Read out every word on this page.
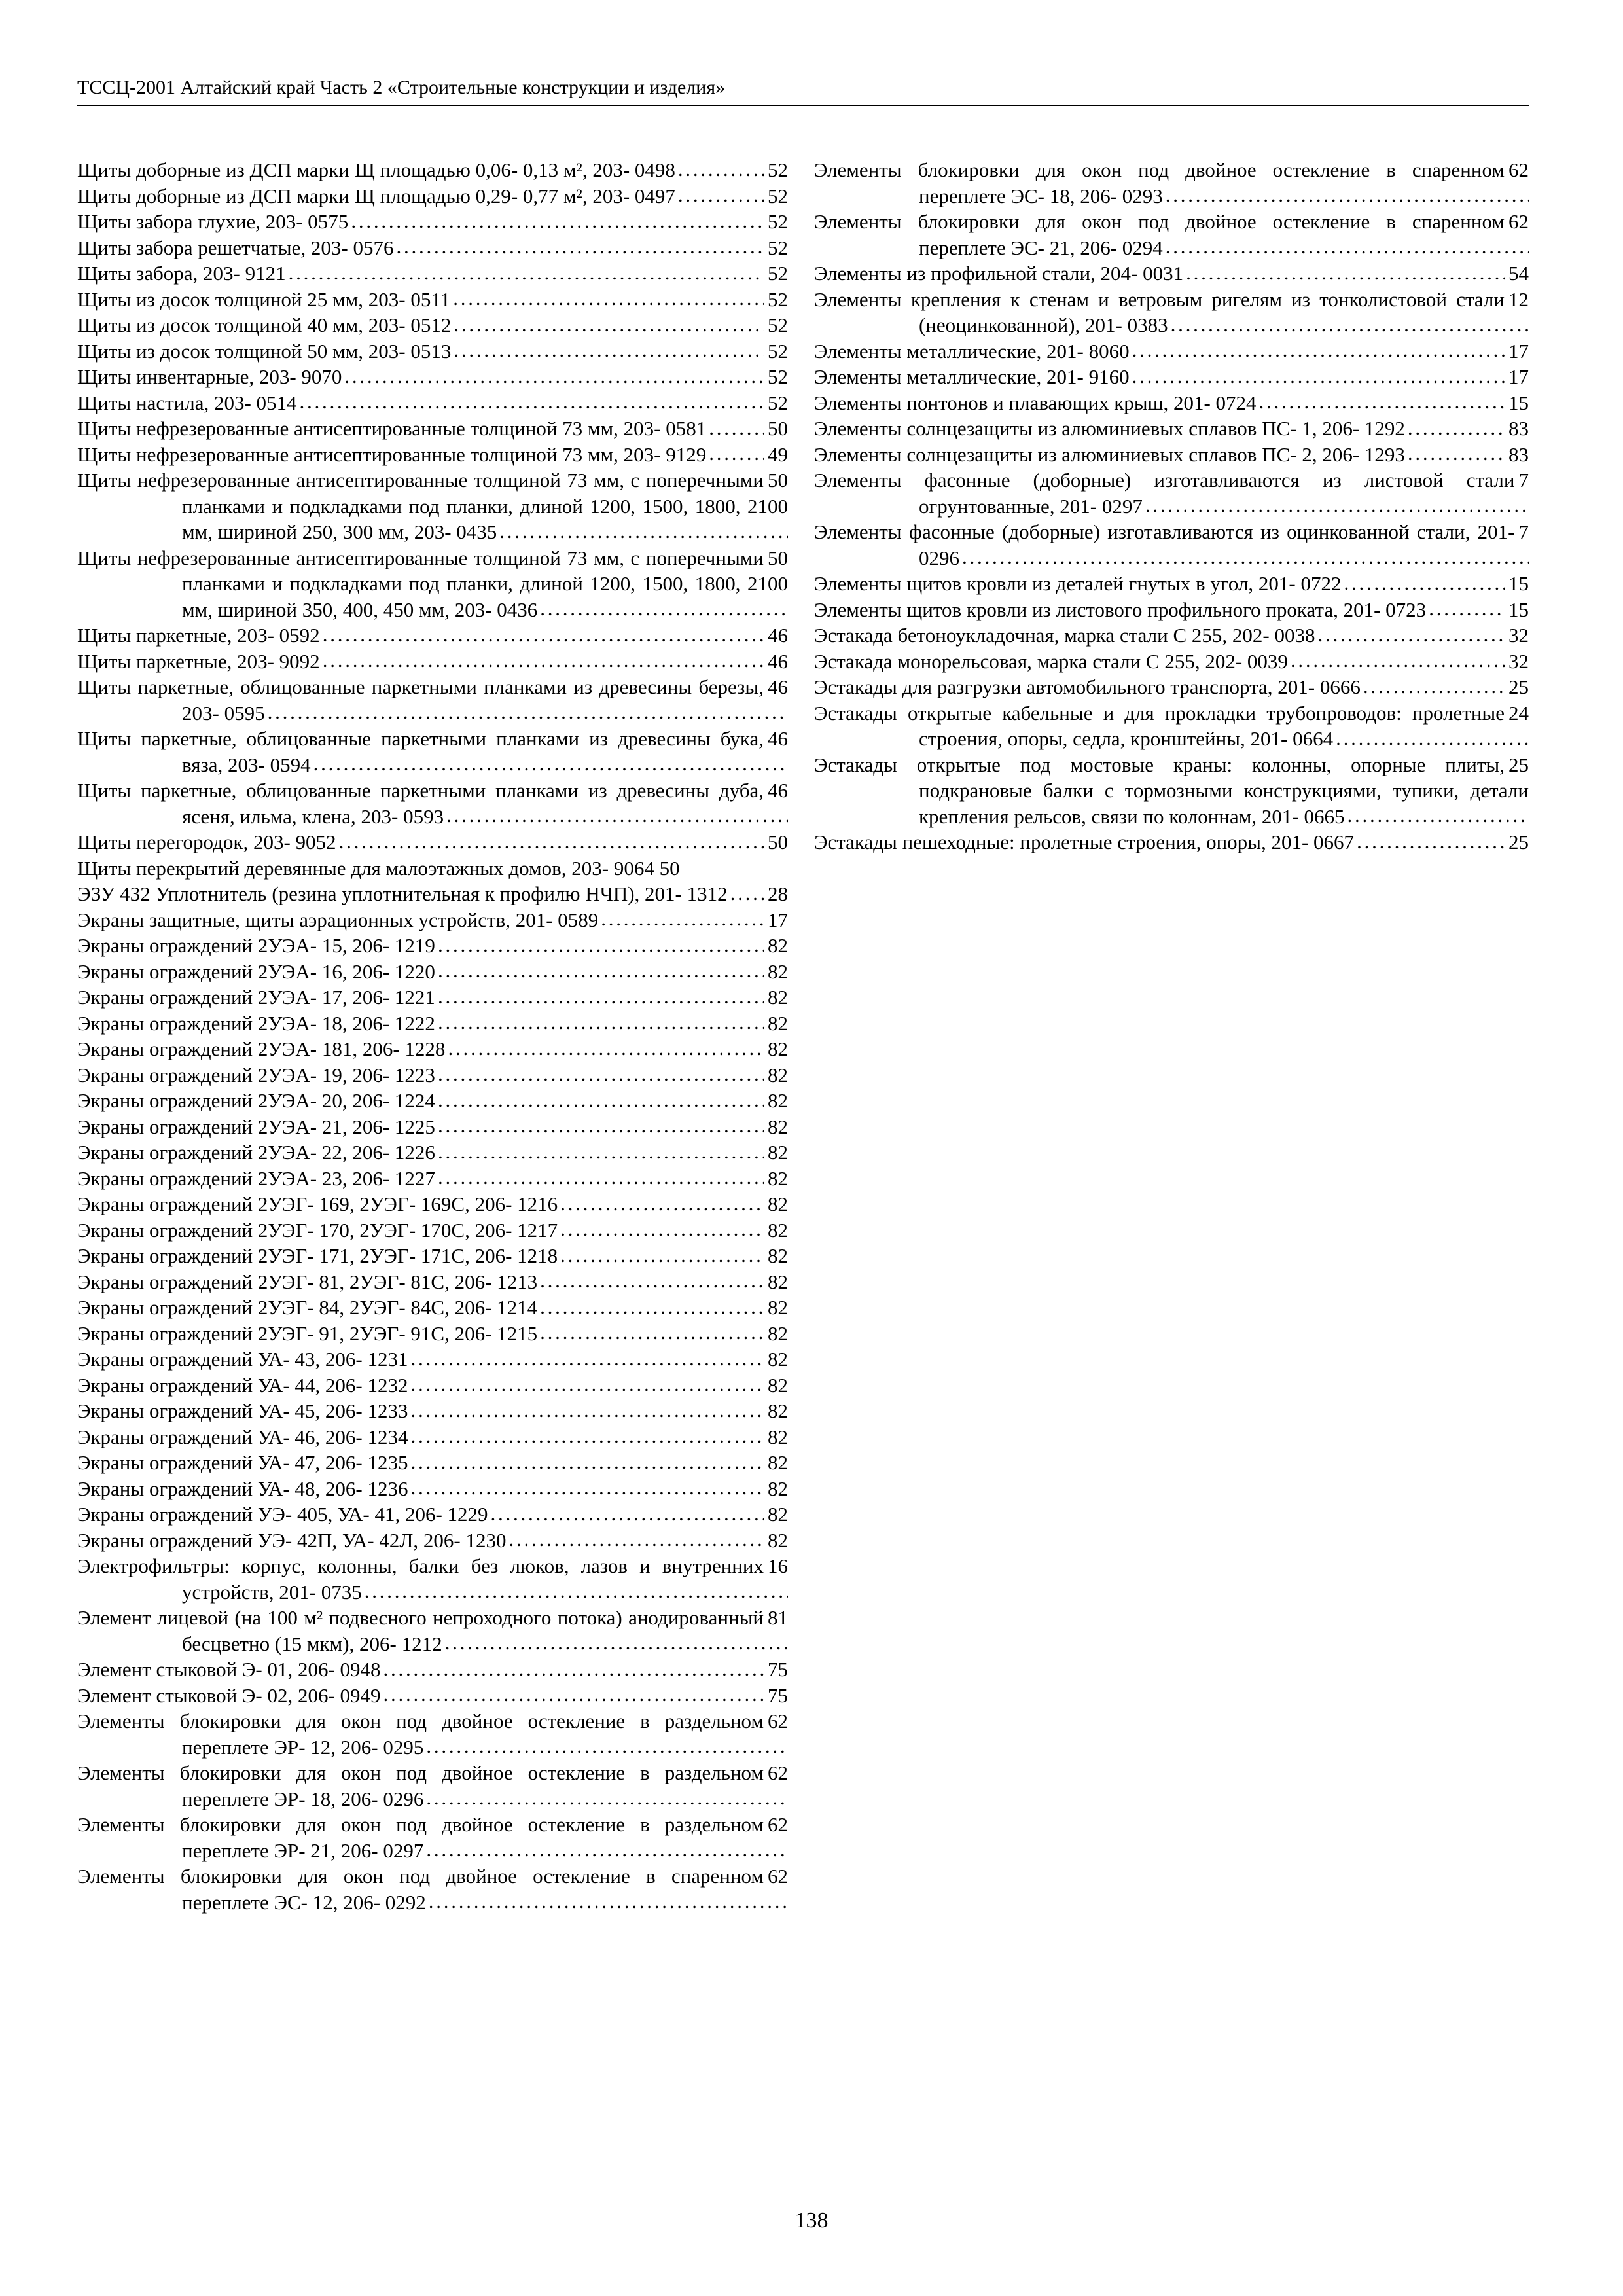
ТССЦ-2001 Алтайский край Часть 2 «Строительные конструкции и изделия»
52
Щиты доборные из ДСП марки Щ площадью 0,06- 0,13 м², 203- 0498
52
Щиты доборные из ДСП марки Щ площадью 0,29- 0,77 м², 203- 0497
52
Щиты забора глухие, 203- 0575
52
Щиты забора решетчатые, 203- 0576
52
Щиты забора, 203- 9121
52
Щиты из досок толщиной 25 мм, 203- 0511
52
Щиты из досок толщиной 40 мм, 203- 0512
52
Щиты из досок толщиной 50 мм, 203- 0513
52
Щиты инвентарные, 203- 9070
52
Щиты настила, 203- 0514
50
Щиты нефрезерованные антисептированные толщиной 73 мм, 203- 0581
49
Щиты нефрезерованные антисептированные толщиной 73 мм, 203- 9129
50
Щиты нефрезерованные антисептированные толщиной 73 мм, с поперечными планками и подкладками под планки, длиной 1200, 1500, 1800, 2100 мм, шириной 250, 300 мм, 203- 0435
50
Щиты нефрезерованные антисептированные толщиной 73 мм, с поперечными планками и подкладками под планки, длиной 1200, 1500, 1800, 2100 мм, шириной 350, 400, 450 мм, 203- 0436
46
Щиты паркетные, 203- 0592
46
Щиты паркетные, 203- 9092
46
Щиты паркетные, облицованные паркетными планками из древесины березы, 203- 0595
46
Щиты паркетные, облицованные паркетными планками из древесины бука, вяза, 203- 0594
46
Щиты паркетные, облицованные паркетными планками из древесины дуба, ясеня, ильма, клена, 203- 0593
50
Щиты перегородок, 203- 9052
Щиты перекрытий деревянные для малоэтажных домов, 203- 9064 50
28
ЭЗУ 432 Уплотнитель (резина уплотнительная к профилю НЧП), 201- 1312
17
Экраны защитные, щиты аэрационных устройств, 201- 0589
82
Экраны ограждений 2УЭА- 15, 206- 1219
82
Экраны ограждений 2УЭА- 16, 206- 1220
82
Экраны ограждений 2УЭА- 17, 206- 1221
82
Экраны ограждений 2УЭА- 18, 206- 1222
82
Экраны ограждений 2УЭА- 181, 206- 1228
82
Экраны ограждений 2УЭА- 19, 206- 1223
82
Экраны ограждений 2УЭА- 20, 206- 1224
82
Экраны ограждений 2УЭА- 21, 206- 1225
82
Экраны ограждений 2УЭА- 22, 206- 1226
82
Экраны ограждений 2УЭА- 23, 206- 1227
82
Экраны ограждений 2УЭГ- 169, 2УЭГ- 169С, 206- 1216
82
Экраны ограждений 2УЭГ- 170, 2УЭГ- 170С, 206- 1217
82
Экраны ограждений 2УЭГ- 171, 2УЭГ- 171С, 206- 1218
82
Экраны ограждений 2УЭГ- 81, 2УЭГ- 81С, 206- 1213
82
Экраны ограждений 2УЭГ- 84, 2УЭГ- 84С, 206- 1214
82
Экраны ограждений 2УЭГ- 91, 2УЭГ- 91С, 206- 1215
82
Экраны ограждений УА- 43, 206- 1231
82
Экраны ограждений УА- 44, 206- 1232
82
Экраны ограждений УА- 45, 206- 1233
82
Экраны ограждений УА- 46, 206- 1234
82
Экраны ограждений УА- 47, 206- 1235
82
Экраны ограждений УА- 48, 206- 1236
82
Экраны ограждений УЭ- 405, УА- 41, 206- 1229
82
Экраны ограждений УЭ- 42П, УА- 42Л, 206- 1230
16
Электрофильтры: корпус, колонны, балки без люков, лазов и внутренних устройств, 201- 0735
81
Элемент лицевой (на 100 м² подвесного непроходного потока) анодированный бесцветно (15 мкм), 206- 1212
75
Элемент стыковой Э- 01, 206- 0948
75
Элемент стыковой Э- 02, 206- 0949
62
Элементы блокировки для окон под двойное остекление в раздельном переплете ЭР- 12, 206- 0295
62
Элементы блокировки для окон под двойное остекление в раздельном переплете ЭР- 18, 206- 0296
62
Элементы блокировки для окон под двойное остекление в раздельном переплете ЭР- 21, 206- 0297
62
Элементы блокировки для окон под двойное остекление в спаренном переплете ЭС- 12, 206- 0292
62
Элементы блокировки для окон под двойное остекление в спаренном переплете ЭС- 18, 206- 0293
62
Элементы блокировки для окон под двойное остекление в спаренном переплете ЭС- 21, 206- 0294
54
Элементы из профильной стали, 204- 0031
12
Элементы крепления к стенам и ветровым ригелям из тонколистовой стали (неоцинкованной), 201- 0383
17
Элементы металлические, 201- 8060
17
Элементы металлические, 201- 9160
15
Элементы понтонов и плавающих крыш, 201- 0724
83
Элементы солнцезащиты из алюминиевых сплавов ПС- 1, 206- 1292
83
Элементы солнцезащиты из алюминиевых сплавов ПС- 2, 206- 1293
7
Элементы фасонные (доборные) изготавливаются из листовой стали огрунтованные, 201- 0297
7
Элементы фасонные (доборные) изготавливаются из оцинкованной стали, 201- 0296
15
Элементы щитов кровли из деталей гнутых в угол, 201- 0722
15
Элементы щитов кровли из листового профильного проката, 201- 0723
32
Эстакада бетоноукладочная, марка стали С 255, 202- 0038
32
Эстакада монорельсовая, марка стали С 255, 202- 0039
25
Эстакады для разгрузки автомобильного транспорта, 201- 0666
24
Эстакады открытые кабельные и для прокладки трубопроводов: пролетные строения, опоры, седла, кронштейны, 201- 0664
25
Эстакады открытые под мостовые краны: колонны, опорные плиты, подкрановые балки с тормозными конструкциями, тупики, детали крепления рельсов, связи по колоннам, 201- 0665
25
Эстакады пешеходные: пролетные строения, опоры, 201- 0667
138
